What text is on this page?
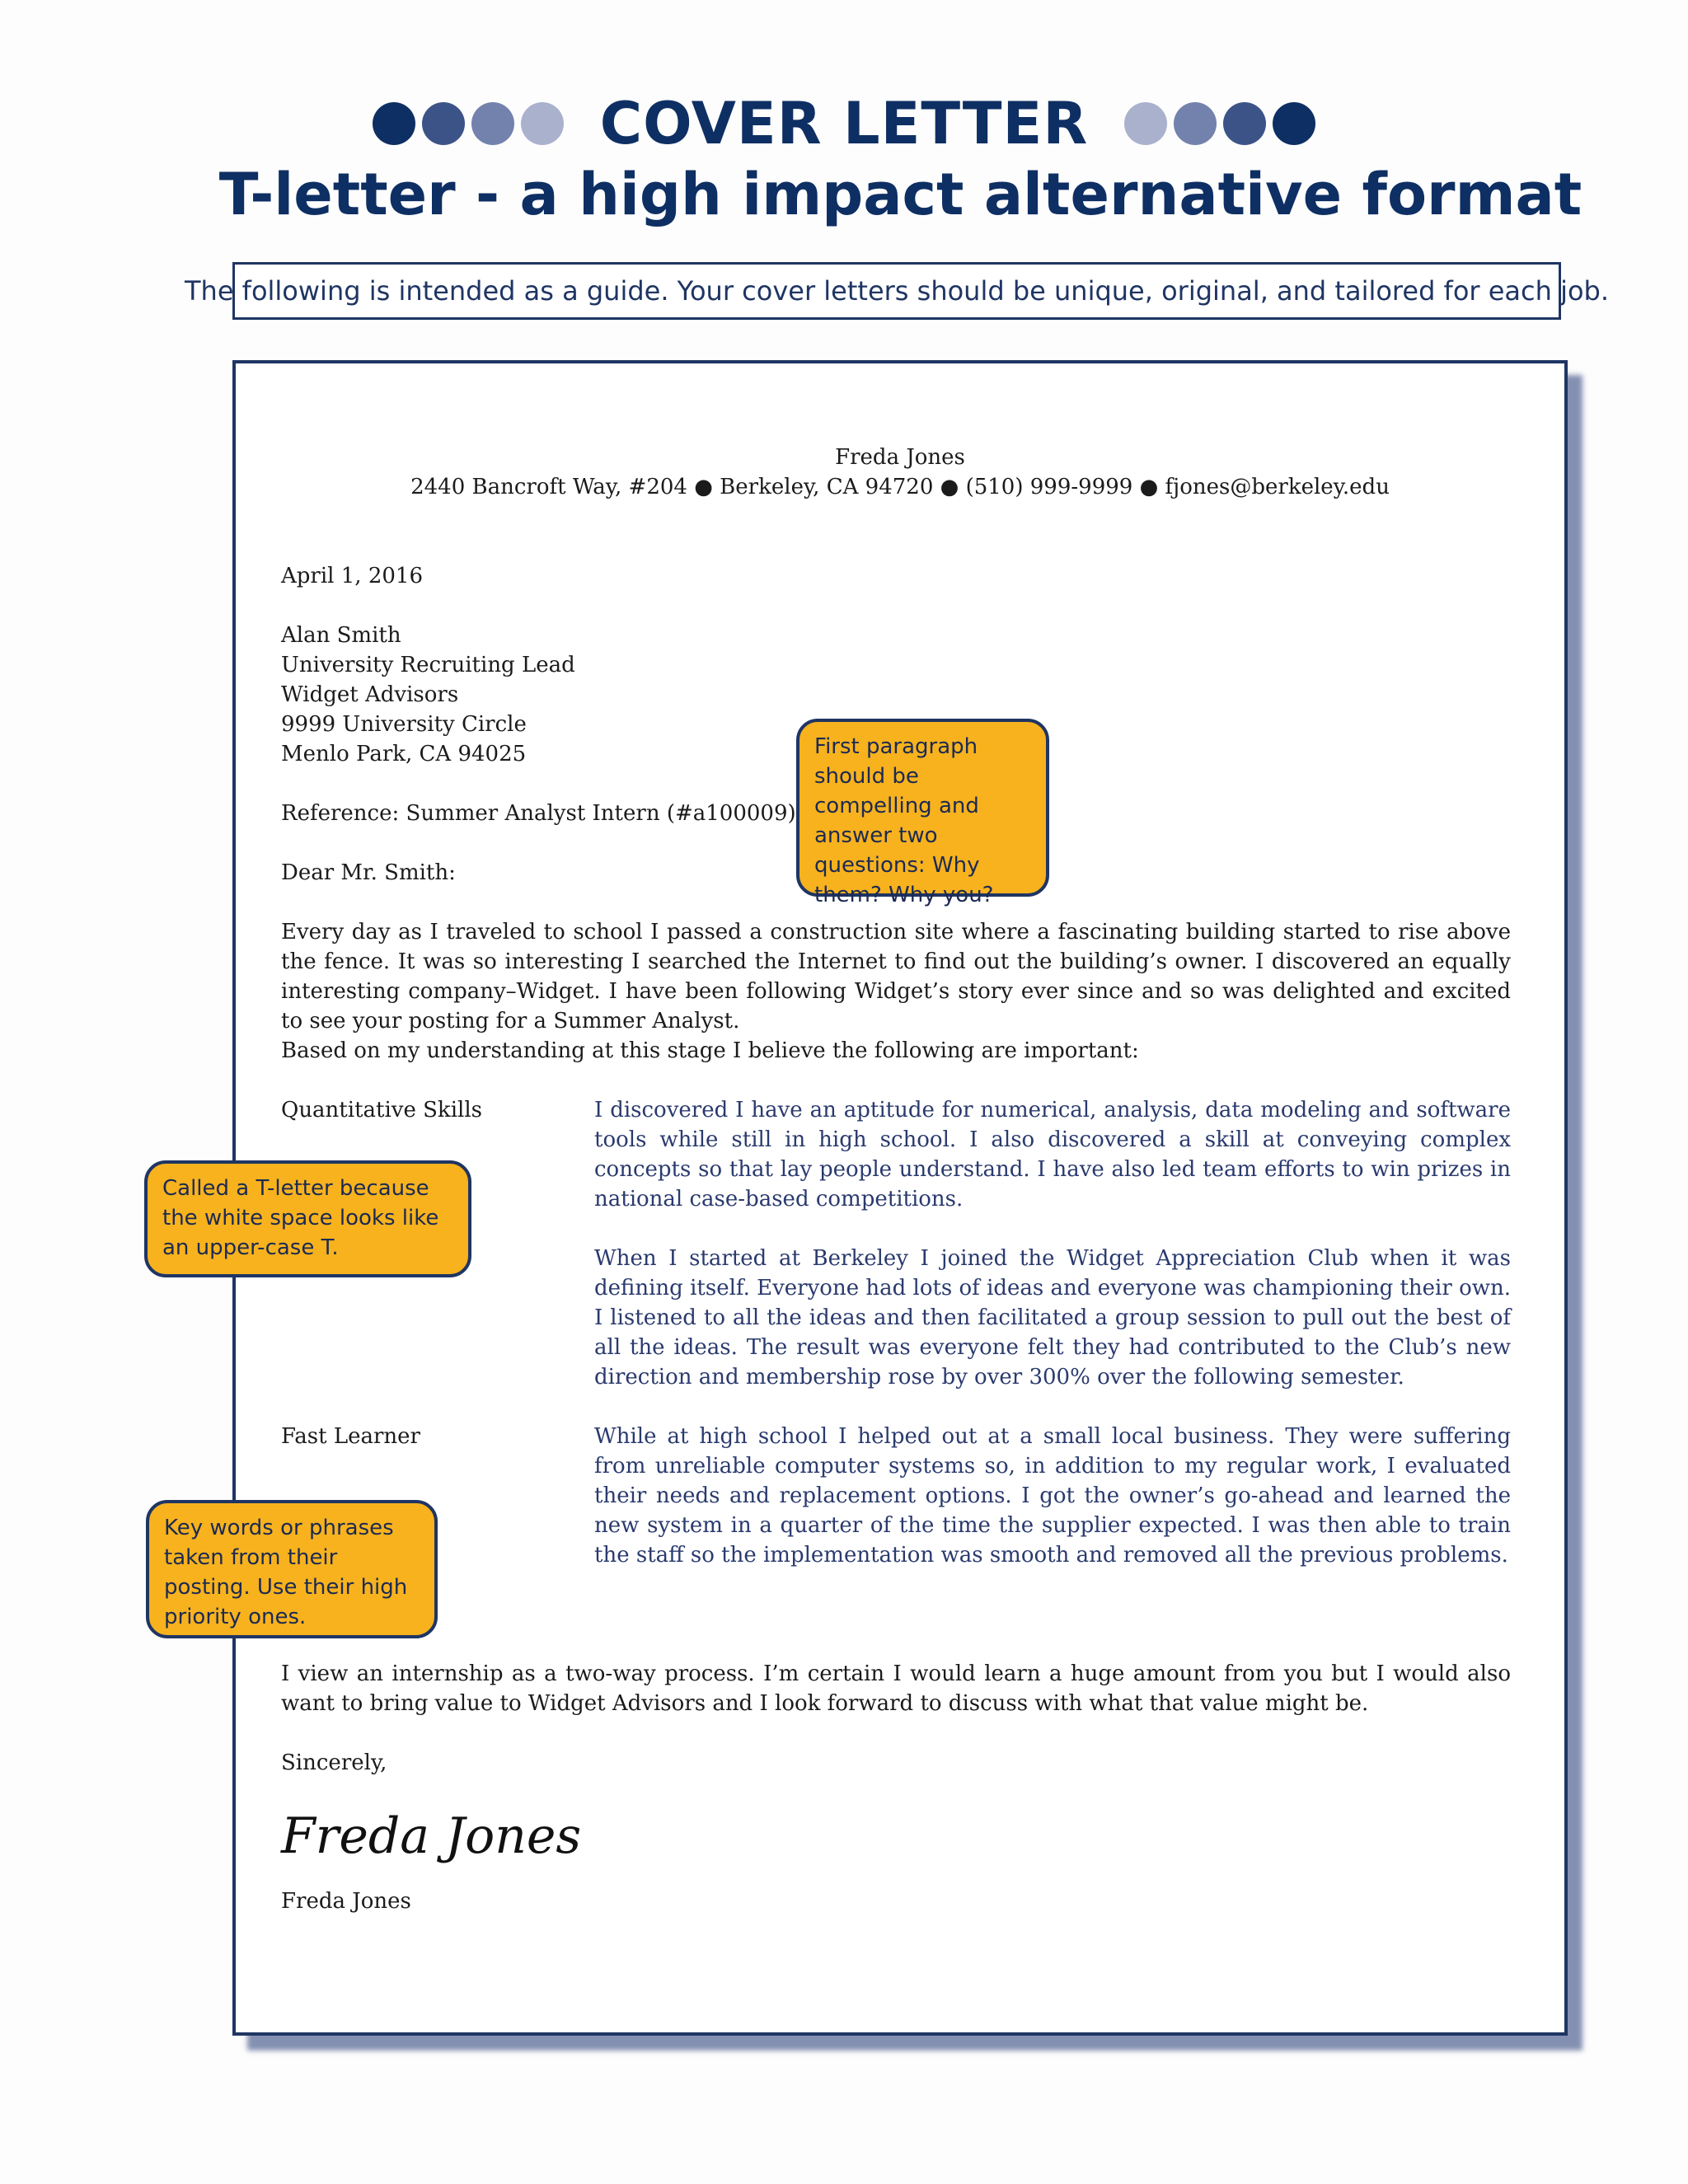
COVER LETTER
T-letter - a high impact alternative format
The following is intended as a guide. Your cover letters should be unique, original, and tailored for each job.
Freda Jones
2440 Bancroft Way, #204 ● Berkeley, CA 94720 ● (510) 999-9999 ● fjones@berkeley.edu
April 1, 2016
Alan Smith
University Recruiting Lead
Widget Advisors
9999 University Circle
Menlo Park, CA 94025
Reference: Summer Analyst Intern (#a100009)
Dear Mr. Smith:
Every day as I traveled to school I passed a construction site where a fascinating building started to rise above the fence. It was so interesting I searched the Internet to find out the building’s owner. I discovered an equally interesting company–Widget. I have been following Widget’s story ever since and so was delighted and excited to see your posting for a Summer Analyst.
Based on my understanding at this stage I believe the following are important:
Quantitative Skills	I discovered I have an aptitude for numerical, analysis, data modeling and software tools while still in high school. I also discovered a skill at conveying complex concepts so that lay people understand. I have also led team efforts to win prizes in national case-based competitions.
When I started at Berkeley I joined the Widget Appreciation Club when it was defining itself. Everyone had lots of ideas and everyone was championing their own. I listened to all the ideas and then facilitated a group session to pull out the best of all the ideas. The result was everyone felt they had contributed to the Club’s new direction and membership rose by over 300% over the following semester.
Fast Learner	While at high school I helped out at a small local business. They were suffering from unreliable computer systems so, in addition to my regular work, I evaluated their needs and replacement options. I got the owner’s go-ahead and learned the new system in a quarter of the time the supplier expected. I was then able to train the staff so the implementation was smooth and removed all the previous problems.
I view an internship as a two-way process. I’m certain I would learn a huge amount from you but I would also want to bring value to Widget Advisors and I look forward to discuss with what that value might be.
Sincerely,
Freda Jones
Freda Jones
First paragraph should be compelling and answer two questions: Why them? Why you?
Called a T-letter because the white space looks like an upper-case T.
Key words or phrases taken from their posting. Use their high priority ones.
